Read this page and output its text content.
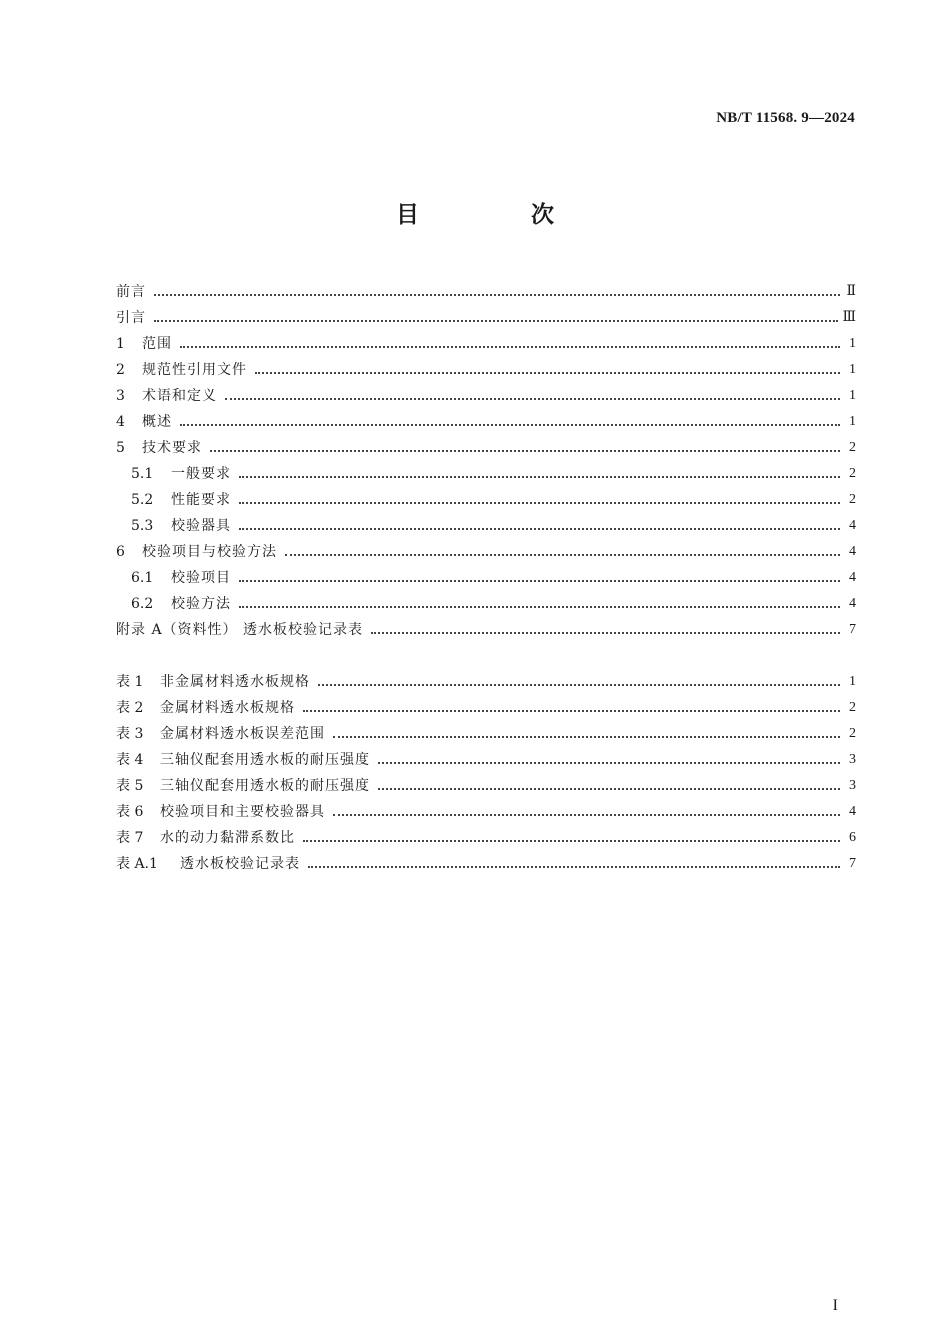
NB/T 11568. 9—2024
目 次
前言	Ⅱ
引言	Ⅲ
1 范围	1
2 规范性引用文件	1
3 术语和定义	1
4 概述	1
5 技术要求	2
5.1 一般要求	2
5.2 性能要求	2
5.3 校验器具	4
6 校验项目与校验方法	4
6.1 校验项目	4
6.2 校验方法	4
附录 A（资料性） 透水板校验记录表	7
表 1 非金属材料透水板规格	1
表 2 金属材料透水板规格	2
表 3 金属材料透水板误差范围	2
表 4 三轴仪配套用透水板的耐压强度	3
表 5 三轴仪配套用透水板的耐压强度	3
表 6 校验项目和主要校验器具	4
表 7 水的动力黏滞系数比	6
表 A.1 透水板校验记录表	7
I
